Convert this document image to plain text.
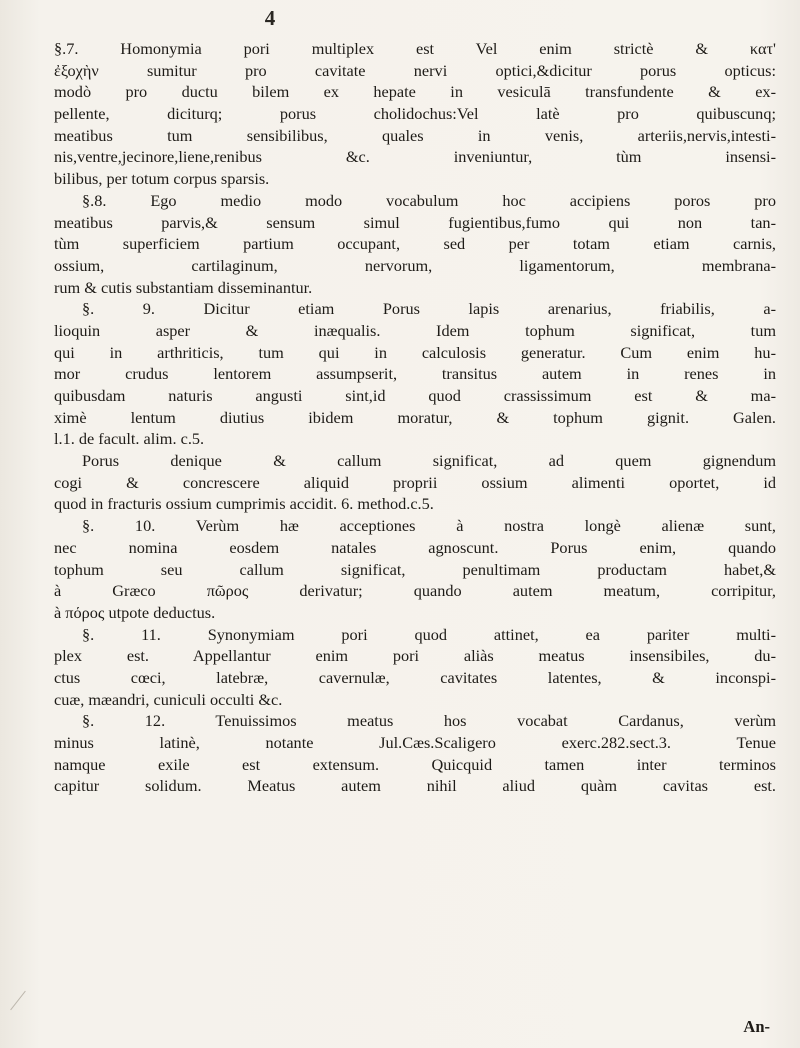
4
§.7. Homonymia pori multiplex est Vel enim strictè & κατ'
ἐξοχὴν sumitur pro cavitate nervi optici,&dicitur porus opticus:
modò pro ductu bilem ex hepate in vesiculā transfundente & ex-
pellente, diciturq; porus cholidochus:Vel latè pro quibuscunq;
meatibus tum sensibilibus, quales in venis, arteriis,nervis,intesti-
nis,ventre,jecinore,liene,renibus &c. inveniuntur, tùm insensi-
bilibus, per totum corpus sparsis.
§.8. Ego medio modo vocabulum hoc accipiens poros pro
meatibus parvis,& sensum simul fugientibus,fumo qui non tan-
tùm superficiem partium occupant, sed per totam etiam carnis,
ossium, cartilaginum, nervorum, ligamentorum, membrana-
rum & cutis substantiam disseminantur.
§. 9. Dicitur etiam Porus lapis arenarius, friabilis, a-
lioquin asper & inæqualis. Idem tophum significat, tum
qui in arthriticis, tum qui in calculosis generatur. Cum enim hu-
mor crudus lentorem assumpserit, transitus autem in renes in
quibusdam naturis angusti sint,id quod crassissimum est & ma-
ximè lentum diutius ibidem moratur, & tophum gignit. Galen.
l.1. de facult. alim. c.5.
Porus denique & callum significat, ad quem gignendum
cogi & concrescere aliquid proprii ossium alimenti oportet, id
quod in fracturis ossium cumprimis accidit. 6. method.c.5.
§. 10. Verùm hæ acceptiones à nostra longè alienæ sunt,
nec nomina eosdem natales agnoscunt. Porus enim, quando
tophum seu callum significat, penultimam productam habet,&
à Græco πῶρος derivatur; quando autem meatum, corripitur,
à πόρος utpote deductus.
§. 11. Synonymiam pori quod attinet, ea pariter multi-
plex est. Appellantur enim pori aliàs meatus insensibiles, du-
ctus cœci, latebræ, cavernulæ, cavitates latentes, & inconspi-
cuæ, mæandri, cuniculi occulti &c.
§. 12. Tenuissimos meatus hos vocabat Cardanus, verùm
minus latinè, notante Jul.Cæs.Scaligero exerc.282.sect.3. Tenue
namque exile est extensum. Quicquid tamen inter terminos
capitur solidum. Meatus autem nihil aliud quàm cavitas est.
An-
